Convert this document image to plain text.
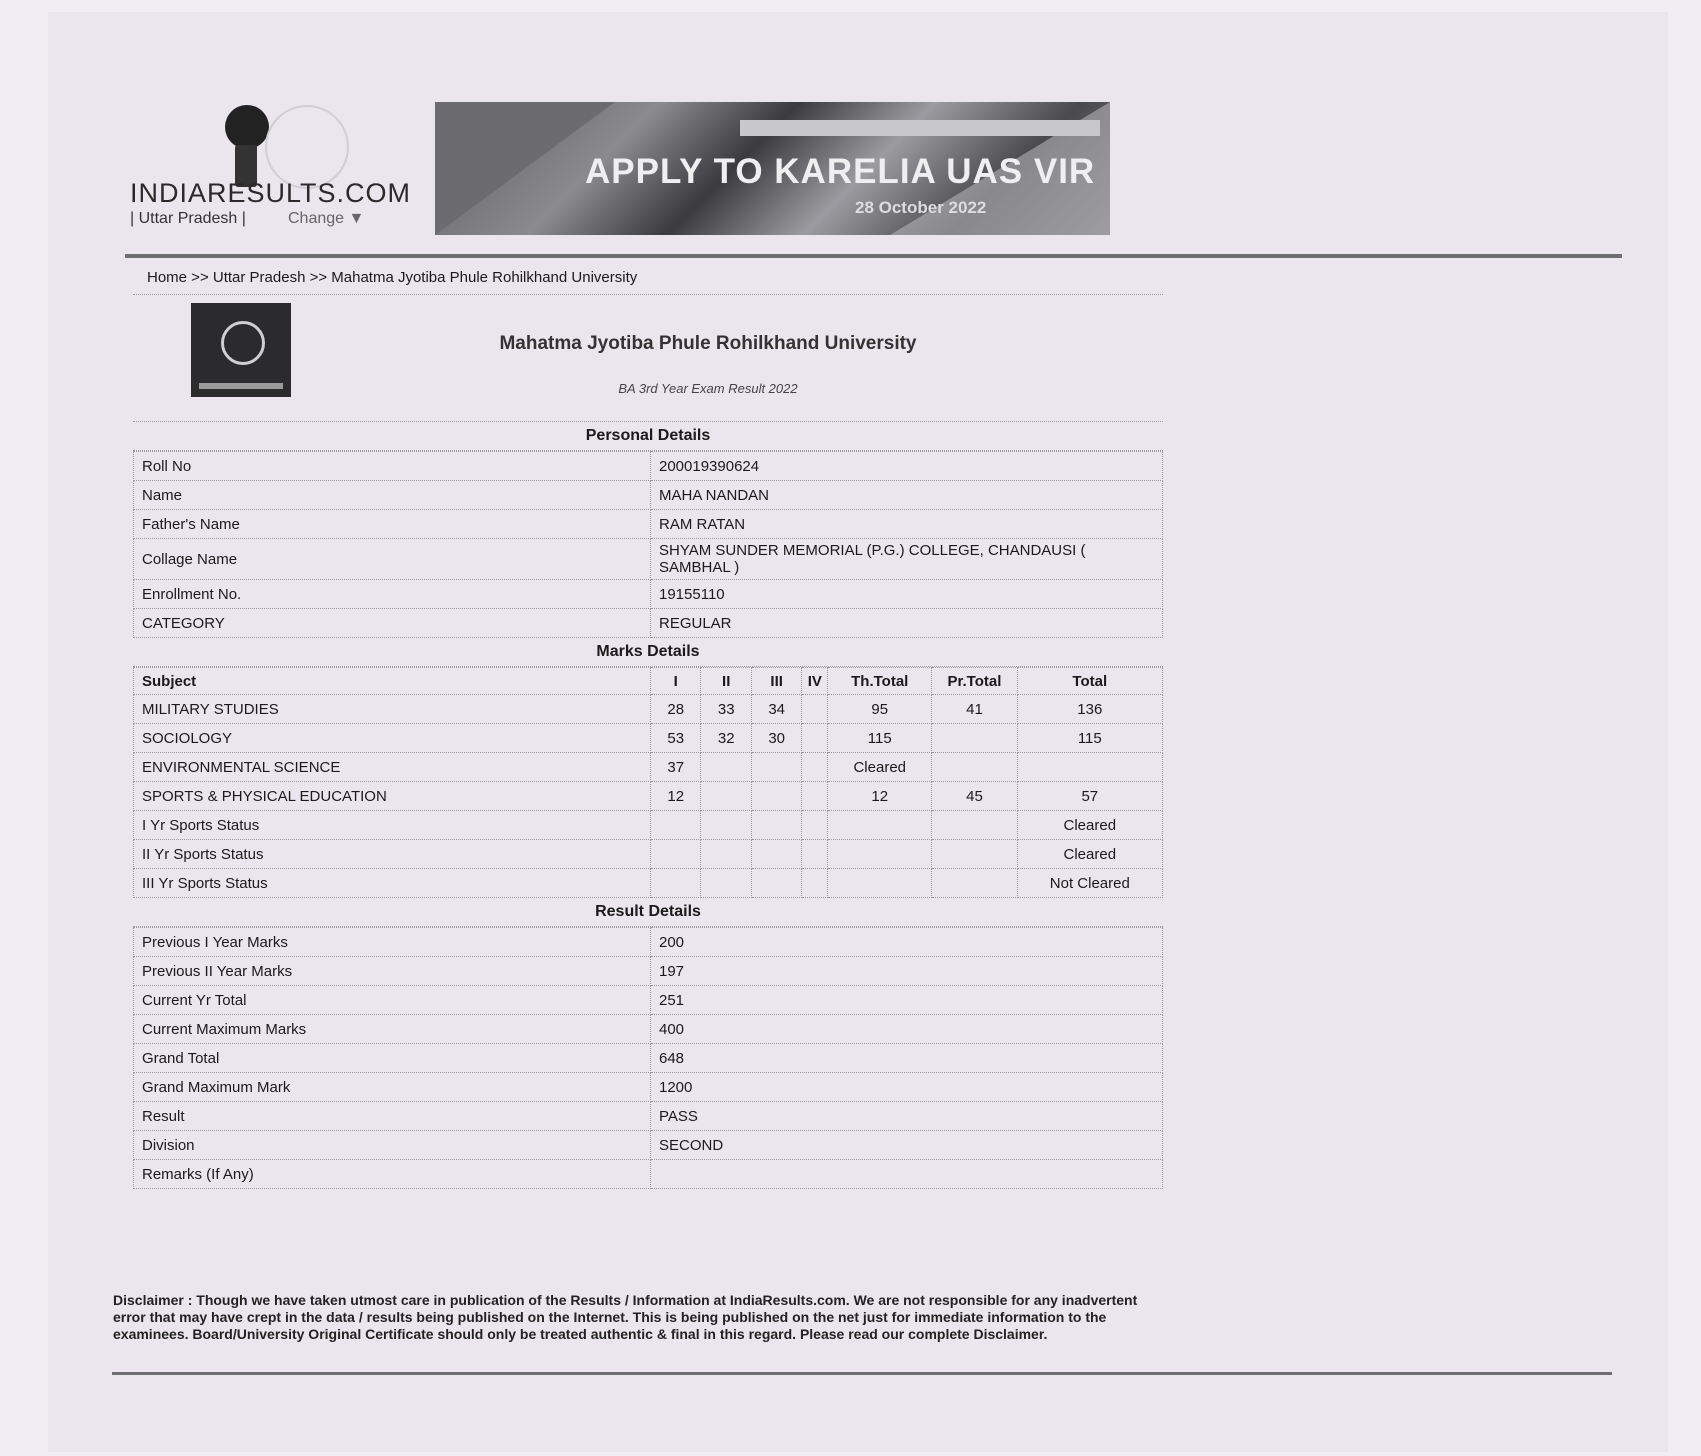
INDIARESULTS.COM
| Uttar Pradesh |	Change ▼
APPLY TO KARELIA UAS VIR
28 October 2022
Home >> Uttar Pradesh >> Mahatma Jyotiba Phule Rohilkhand University
Mahatma Jyotiba Phule Rohilkhand University
BA 3rd Year Exam Result 2022
Personal Details
Roll No	200019390624
Name	MAHA NANDAN
Father's Name	RAM RATAN
Collage Name	SHYAM SUNDER MEMORIAL (P.G.) COLLEGE, CHANDAUSI ( SAMBHAL )
Enrollment No.	19155110
CATEGORY	REGULAR
Marks Details
Subject	I	II	III	IV	Th.Total	Pr.Total	Total
MILITARY STUDIES	28	33	34		95	41	136
SOCIOLOGY	53	32	30		115		115
ENVIRONMENTAL SCIENCE	37				Cleared		
SPORTS & PHYSICAL EDUCATION	12				12	45	57
I Yr Sports Status							Cleared
II Yr Sports Status							Cleared
III Yr Sports Status							Not Cleared
Result Details
Previous I Year Marks	200
Previous II Year Marks	197
Current Yr Total	251
Current Maximum Marks	400
Grand Total	648
Grand Maximum Mark	1200
Result	PASS
Division	SECOND
Remarks (If Any)	
Disclaimer : Though we have taken utmost care in publication of the Results / Information at IndiaResults.com. We are not responsible for any inadvertent error that may have crept in the data / results being published on the Internet. This is being published on the net just for immediate information to the examinees. Board/University Original Certificate should only be treated authentic & final in this regard. Please read our complete Disclaimer.
